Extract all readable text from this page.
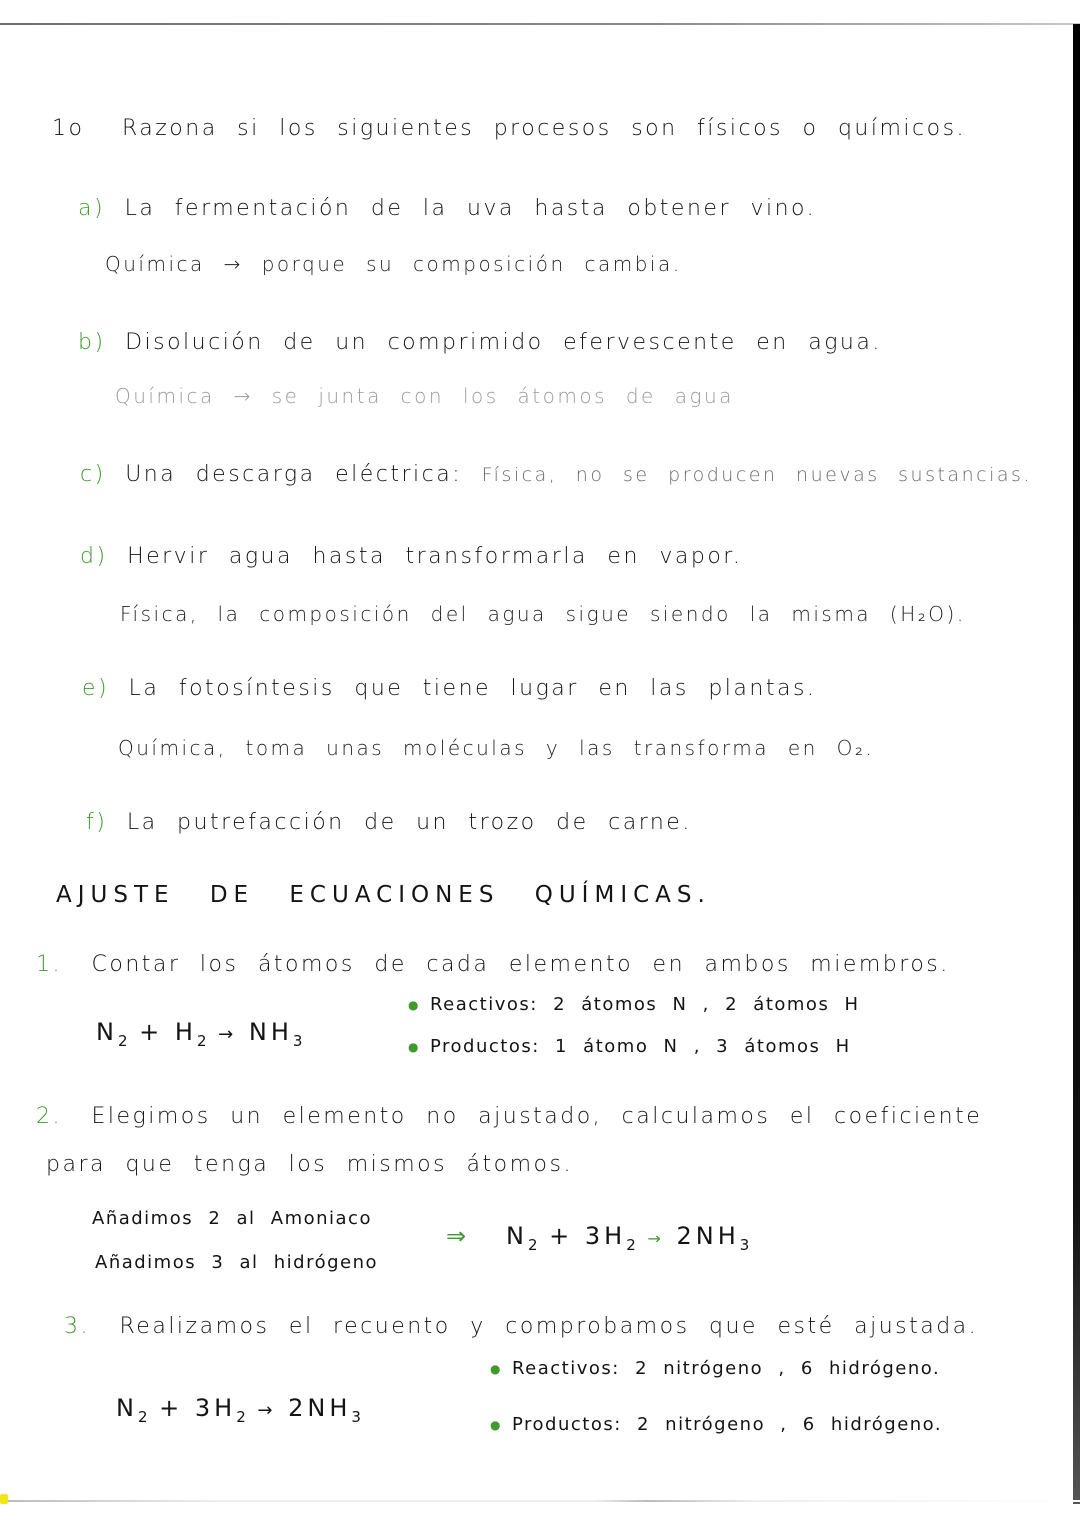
1o Razona si los siguientes procesos son físicos o químicos.
a) La fermentación de la uva hasta obtener vino.
Química → porque su composición cambia.
b) Disolución de un comprimido efervescente en agua.
Química → se junta con los átomos de agua
c) Una descarga eléctrica: Física, no se producen nuevas sustancias.
d) Hervir agua hasta transformarla en vapor.
Física, la composición del agua sigue siendo la misma (H₂O).
e) La fotosíntesis que tiene lugar en las plantas.
Química, toma unas moléculas y las transforma en O₂.
f) La putrefacción de un trozo de carne.
AJUSTE DE ECUACIONES QUÍMICAS.
1. Contar los átomos de cada elemento en ambos miembros.
$N_2 + H_2 \to NH_3$
● Reactivos: 2 átomos N , 2 átomos H
● Productos: 1 átomo N , 3 átomos H
2. Elegimos un elemento no ajustado, calculamos el coeficiente
para que tenga los mismos átomos.
Añadimos 2 al Amoniaco
Añadimos 3 al hidrógeno
⇒ $N_2 + 3H_2 \to 2NH_3$
3. Realizamos el recuento y comprobamos que esté ajustada.
● Reactivos: 2 nitrógeno , 6 hidrógeno.
$N_2 + 3H_2 \to 2NH_3$	● Productos: 2 nitrógeno , 6 hidrógeno.
